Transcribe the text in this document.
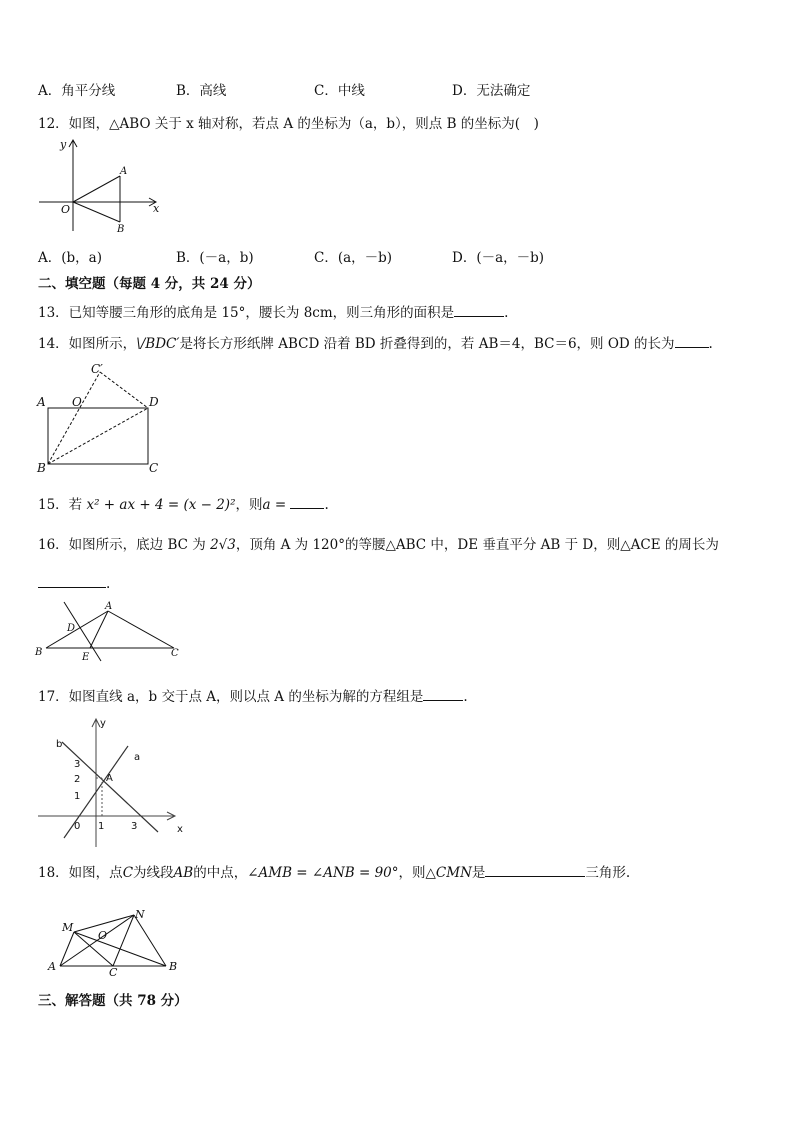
A．角平分线	B．高线	C．中线	D．无法确定
12．如图，△ABO 关于 x 轴对称，若点 A 的坐标为（a，b），则点 B 的坐标为(　)
y
x
O
A
B
A．(b，a)	B．(－a，b)	C．(a，－b)	D．(－a，－b)
二、填空题（每题 4 分，共 24 分）
13．已知等腰三角形的底角是 15°，腰长为 8cm，则三角形的面积是	.
14．如图所示，\/BDC′是将长方形纸牌 ABCD 沿着 BD 折叠得到的，若 AB＝4，BC＝6，则 OD 的长为	.
C′
A O	D
B	C
15．若 x² + ax + 4 = (x − 2)²，则a =	.
16．如图所示，底边 BC 为 2√3，顶角 A 为 120°的等腰△ABC 中，DE 垂直平分 AB 于 D，则△ACE 的周长为
.
A
D
B	E	C
17．如图直线 a，b 交于点 A，则以点 A 的坐标为解的方程组是	.
b
y
a
A
x
3
2
1
0 1	3
18．如图，点C为线段AB的中点，∠AMB = ∠ANB = 90°，则△CMN是	三角形.
M
N
O
A	C	B
三、解答题（共 78 分）
